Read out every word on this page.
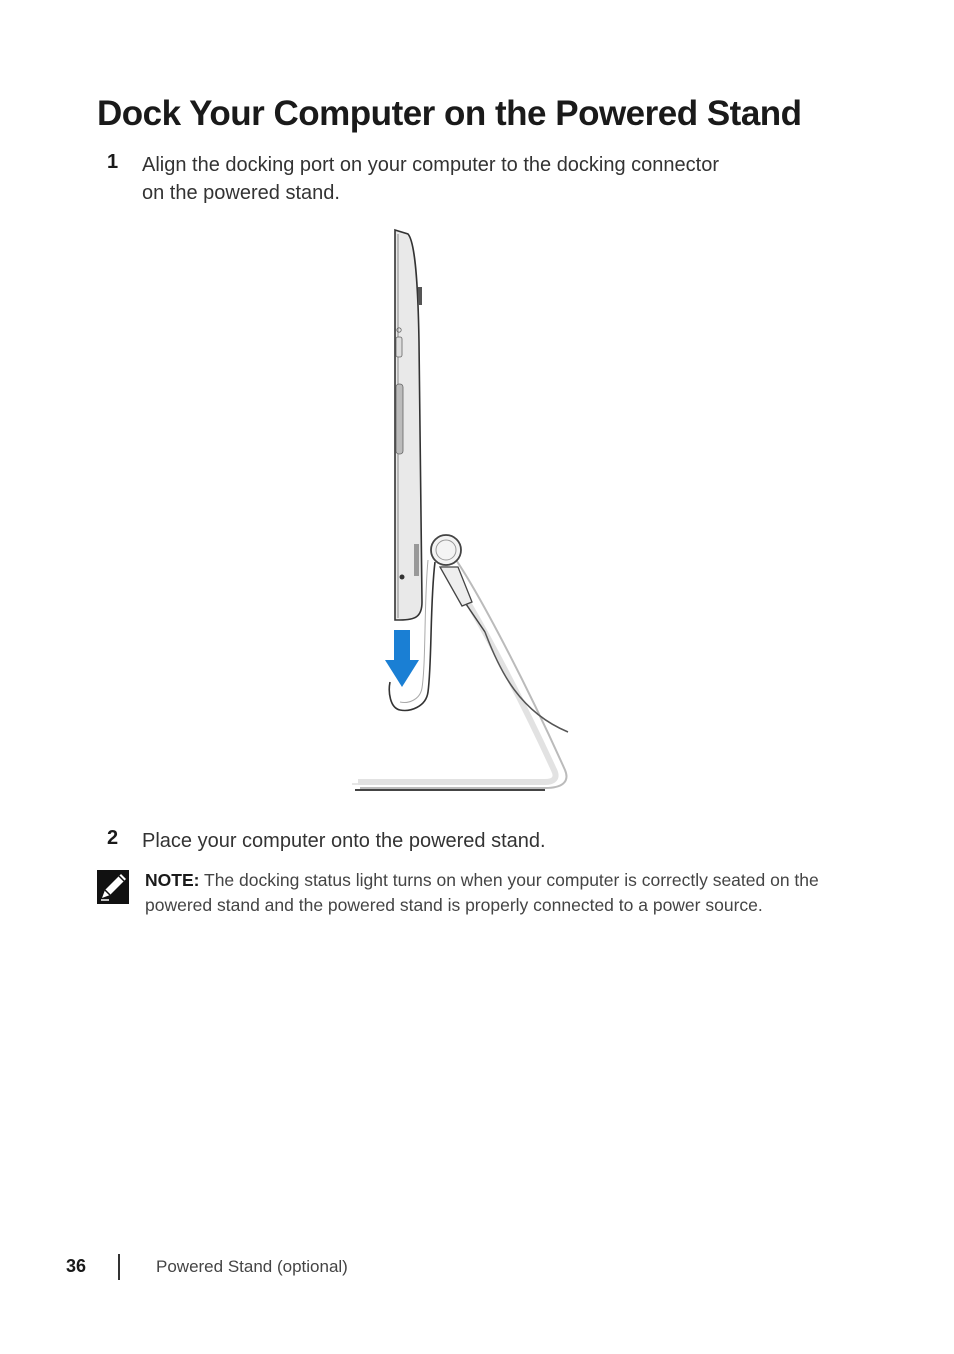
Dock Your Computer on the Powered Stand
1 Align the docking port on your computer to the docking connector on the powered stand.

2 Place your computer onto the powered stand.

NOTE: The docking status light turns on when your computer is correctly seated on the powered stand and the powered stand is properly connected to a power source.

36	Powered Stand (optional)
